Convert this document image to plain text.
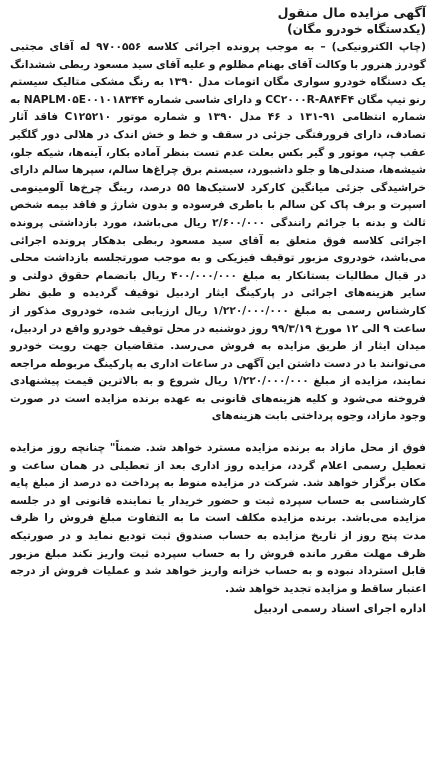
آگهی مزایده مال منقول

(یکدستگاه خودرو مگان)

(چاپ الکترونیکی) – به موجب پرونده اجرائی کلاسه ۹۷۰۰۵۵۶ له آقای مجتبی گودرز هنرور با وکالت آقای بهنام مظلوم و علیه آقای سید مسعود ربطی ششدانگ یک دستگاه خودرو سواری مگان اتومات مدل ۱۳۹۰ به رنگ مشکی متالیک سیستم رنو تیپ مگان CC۲۰۰۰R-A۸۴F۴ و دارای شاسی شماره NAPLM۰۵E۰۰۱۰۱۸۳۴۴ به شماره انتظامی ۹۱-۱۳۱ د ۴۶ مدل ۱۳۹۰ و شماره موتور C۱۲۵۲۱۰ فاقد آثار تصادف، دارای فرورفتگی جزئی در سقف و خط و خش اندک در هلالی دور گلگیر عقب چپ، موتور و گیر بکس بعلت عدم تست بنظر آماده بکار، آینه‌ها، شیکه جلو، شیشه‌ها، صندلی‌ها و جلو داشبورد، سیستم برق چراغ‌ها سالم، سپرها سالم دارای خراشیدگی جزئی میانگین کارکرد لاستیک‌ها ۵۵ درصد، رینگ چرخ‌ها آلومینومی اسپرت و برف پاک کن سالم با باطری فرسوده و بدون شارژ و فاقد بیمه شخص ثالث و بدنه با جرائم رانندگی ۲/۶۰۰/۰۰۰ ریال می‌باشد، مورد بازداشتی پرونده اجرائی کلاسه فوق متعلق به آقای سید مسعود ربطی بدهکار پرونده اجرائی می‌باشد، خودروی مزبور توقیف فیزیکی و به موجب صورتجلسه بازداشت محلی در قبال مطالبات بستانکار به مبلغ ۴۰۰/۰۰۰/۰۰۰ ریال بانضمام حقوق دولتی و سایر هزینه‌های اجرائی در پارکینگ ایثار اردبیل توقیف گردیده و طبق نظر کارشناس رسمی به مبلغ ۱/۲۲۰/۰۰۰/۰۰۰ ریال ارزیابی شده، خودروی مذکور از ساعت ۹ الی ۱۲ مورخ ۹۹/۳/۱۹ روز دوشنبه در محل توقیف خودرو واقع در اردبیل، میدان ایثار از طریق مزایده به فروش می‌رسد. متقاضیان جهت رویت خودرو می‌توانند با در دست داشتن این آگهی در ساعات اداری به پارکینگ مربوطه مراجعه نمایند، مزایده از مبلغ ۱/۲۲۰/۰۰۰/۰۰۰ ریال شروع و به بالاترین قیمت پیشنهادی فروخته می‌شود و کلیه هزینه‌های قانونی به عهده برنده مزایده است در صورت وجود مازاد، وجوه پرداختی بابت هزینه‌های

فوق از محل مازاد به برنده مزایده مسترد خواهد شد. ضمناً" چنانچه روز مزایده تعطیل رسمی اعلام گردد، مزایده روز اداری بعد از تعطیلی در همان ساعت و مکان برگزار خواهد شد. شرکت در مزایده منوط به پرداخت ده درصد از مبلغ پایه کارشناسی به حساب سپرده ثبت و حضور خریدار یا نماینده قانونی او در جلسه مزایده می‌باشد. برنده مزایده مکلف است ما به التفاوت مبلغ فروش را ظرف مدت پنج روز از تاریخ مزایده به حساب صندوق ثبت تودیع نماید و در صورتیکه ظرف مهلت مقرر مانده فروش را به حساب سپرده ثبت واریز نکند مبلغ مزبور قابل استرداد نبوده و به حساب خزانه واریز خواهد شد و عملیات فروش از درجه اعتبار ساقط و مزایده تجدید خواهد شد.

اداره اجرای اسناد رسمی اردبیل
